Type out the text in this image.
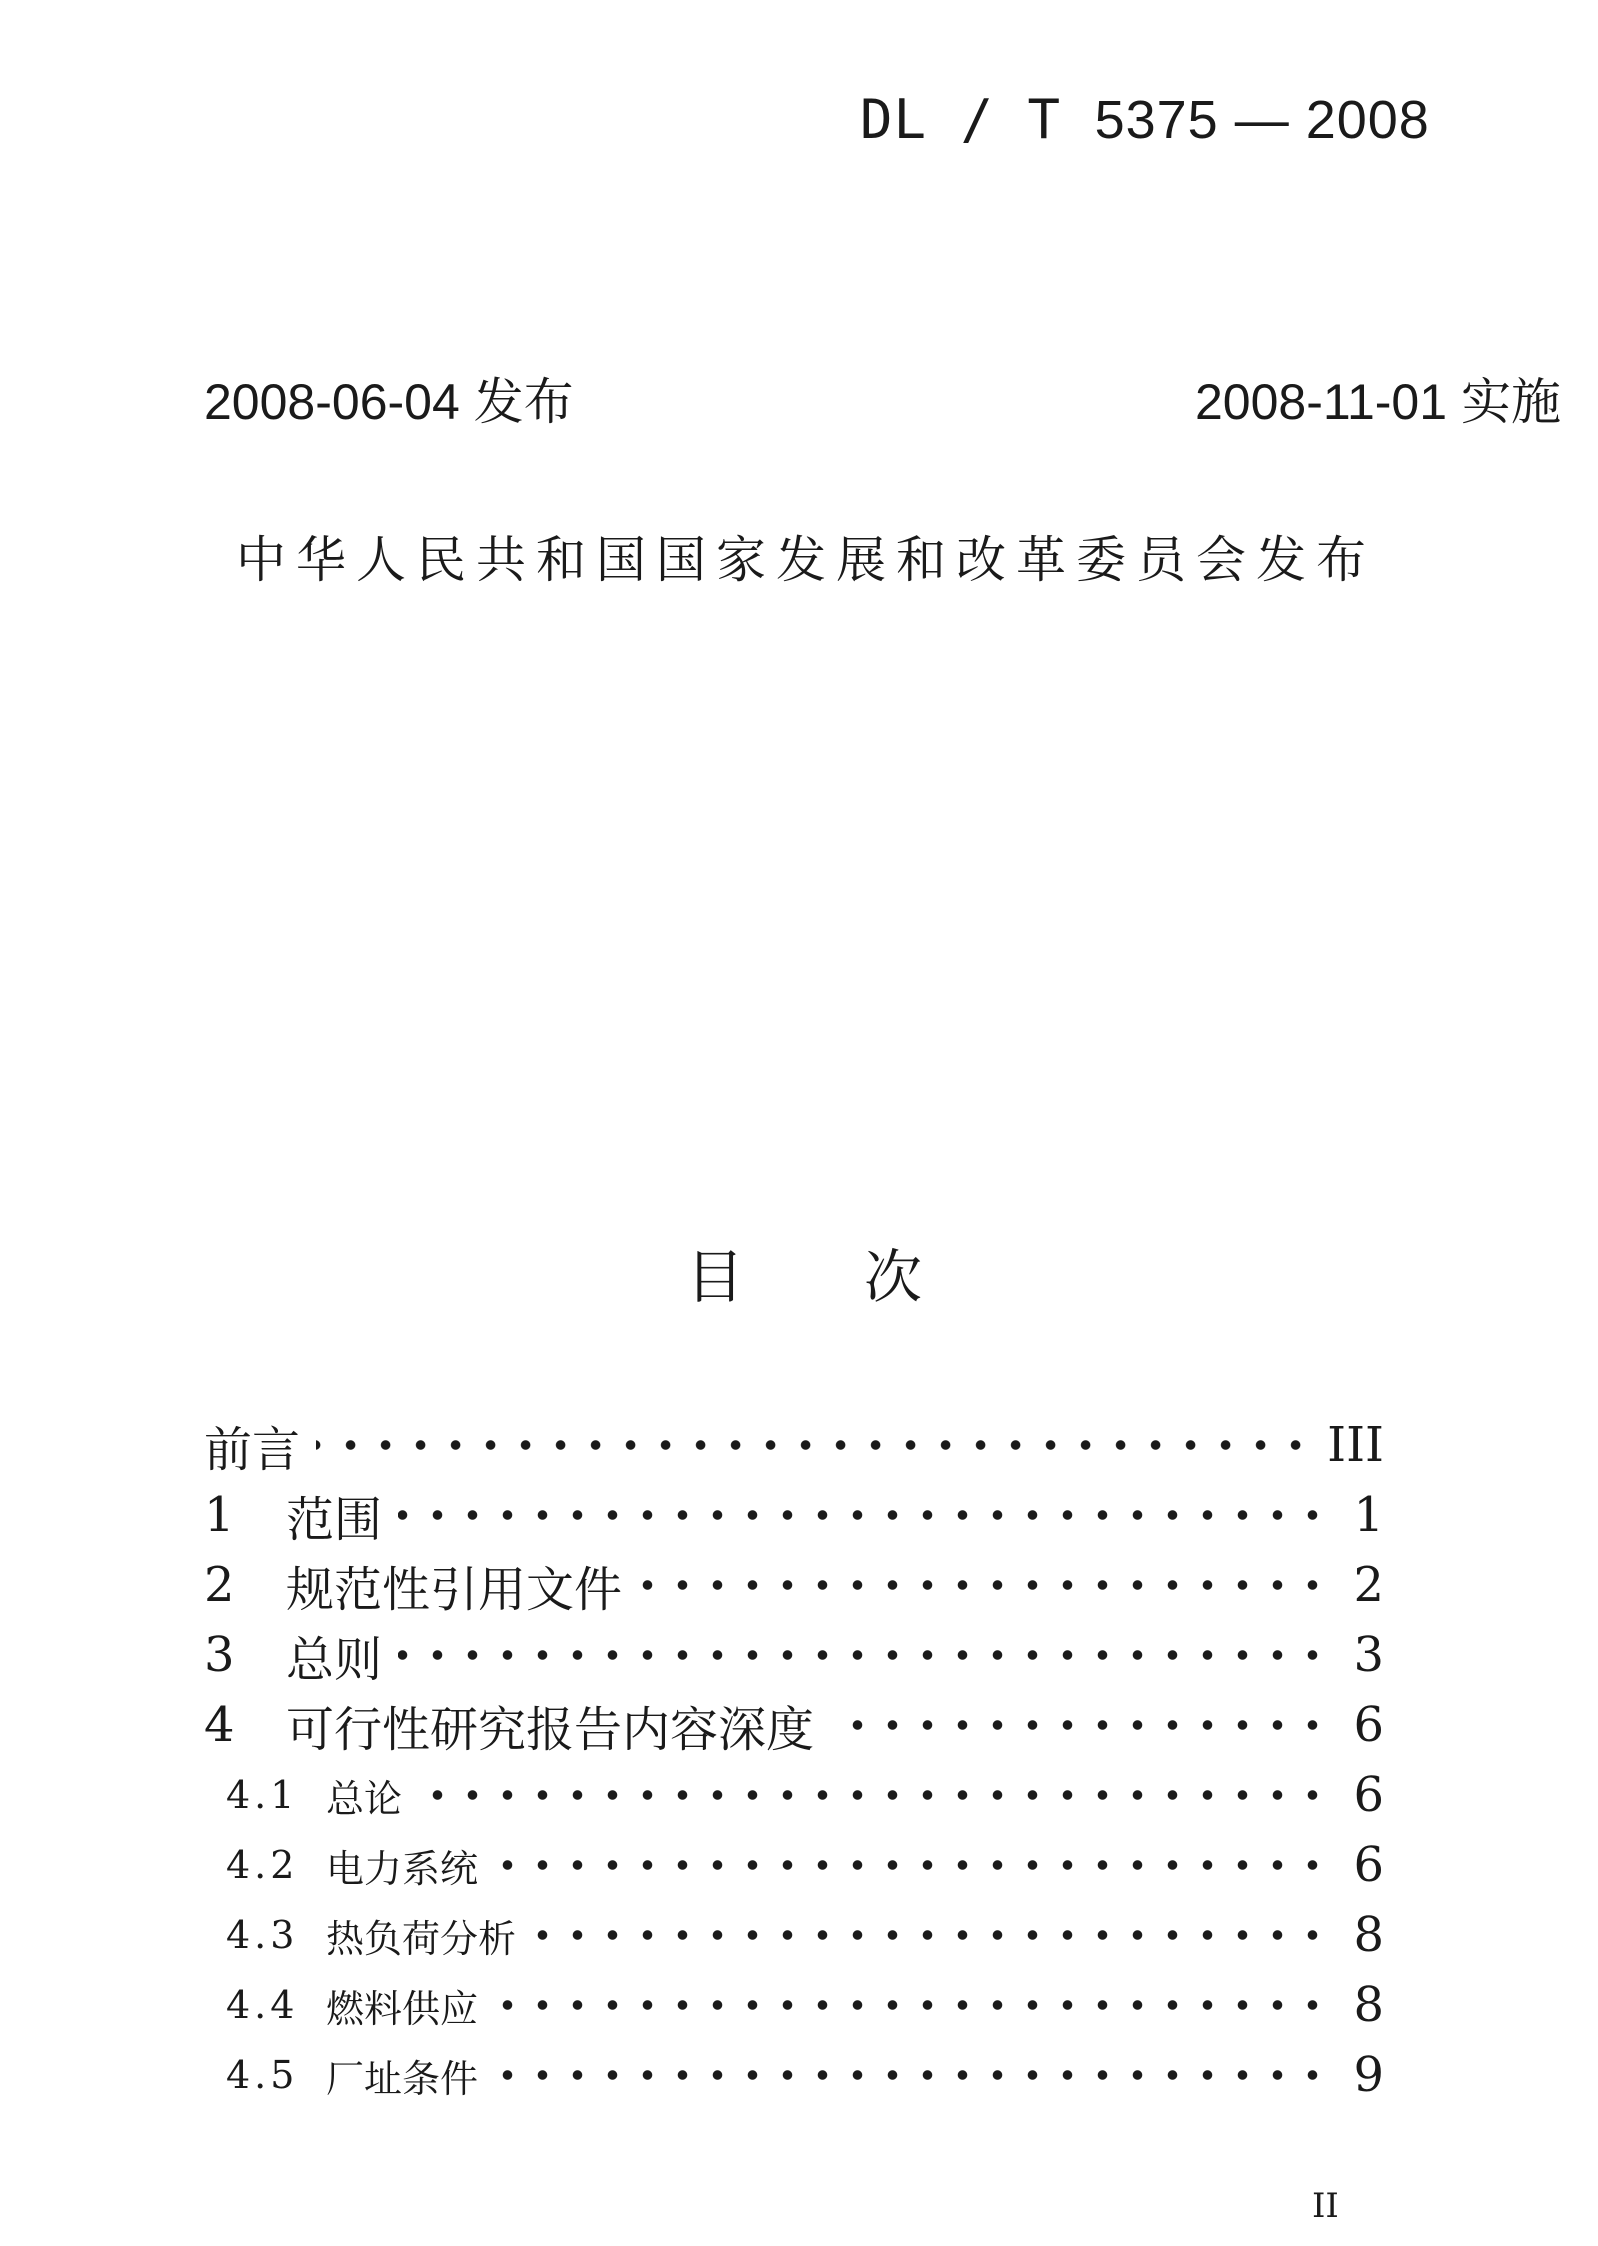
DL / T 5375 — 2008
2008-06-04 发布	2008-11-01 实施
中华人民共和国国家发展和改革委员会发布
目 次
前言	III
1	范围	1
2	规范性引用文件	2
3	总则	3
4	可行性研究报告内容深度	6
4.1 总论	6
4.2 电力系统	6
4.3 热负荷分析	8
4.4 燃料供应	8
4.5 厂址条件	9
II
